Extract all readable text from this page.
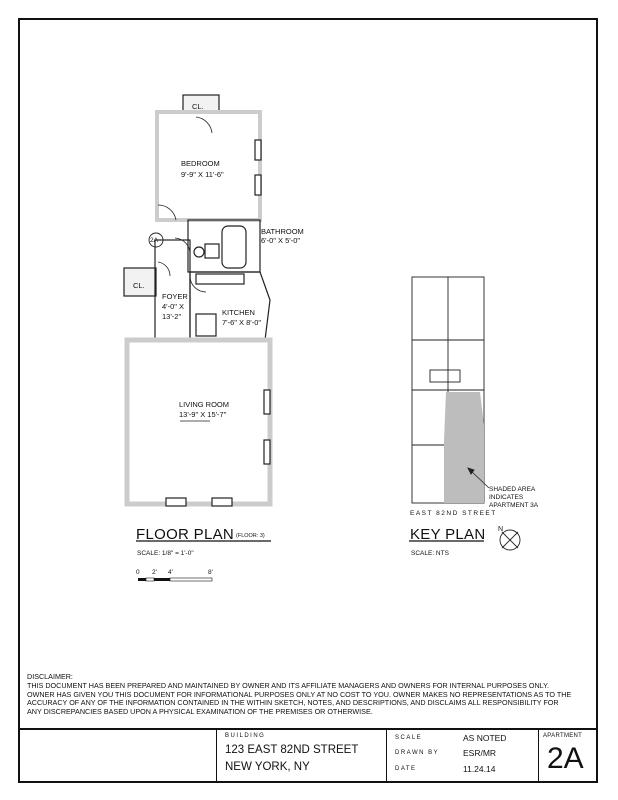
CL.
BEDROOM
9'-9" X 11'-6"
BATHROOM
6'-0" X 5'-0"
2A
CL.
FOYER
4'-0" X
13'-2"	KITCHEN
7'-6" X 8'-0"
LIVING ROOM
13'-9" X 15'-7"
FLOOR PLAN (FLOOR: 3)
SCALE: 1/8" = 1'-0"
0 2' 4'	8'
SHADED AREA
INDICATES
APARTMENT 3A
EAST 82ND STREET
KEY PLAN
SCALE: NTS
N
DISCLAIMER:
THIS DOCUMENT HAS BEEN PREPARED AND MAINTAINED BY OWNER AND ITS AFFILIATE MANAGERS AND OWNERS FOR INTERNAL PURPOSES ONLY. OWNER HAS GIVEN YOU THIS DOCUMENT FOR INFORMATIONAL PURPOSES ONLY AT NO COST TO YOU. OWNER MAKES NO REPRESENTATIONS AS TO THE ACCURACY OF ANY OF THE INFORMATION CONTAINED IN THE WITHIN SKETCH, NOTES, AND DESCRIPTIONS, AND DISCLAIMS ALL RESPONSIBILITY FOR ANY DISCREPANCIES BASED UPON A PHYSICAL EXAMINATION OF THE PREMISES OR OTHERWISE.
BUILDING
123 EAST 82ND STREET
NEW YORK, NY
SCALE	AS NOTED
DRAWN BY	ESR/MR
DATE	11.24.14
APARTMENT
2A
